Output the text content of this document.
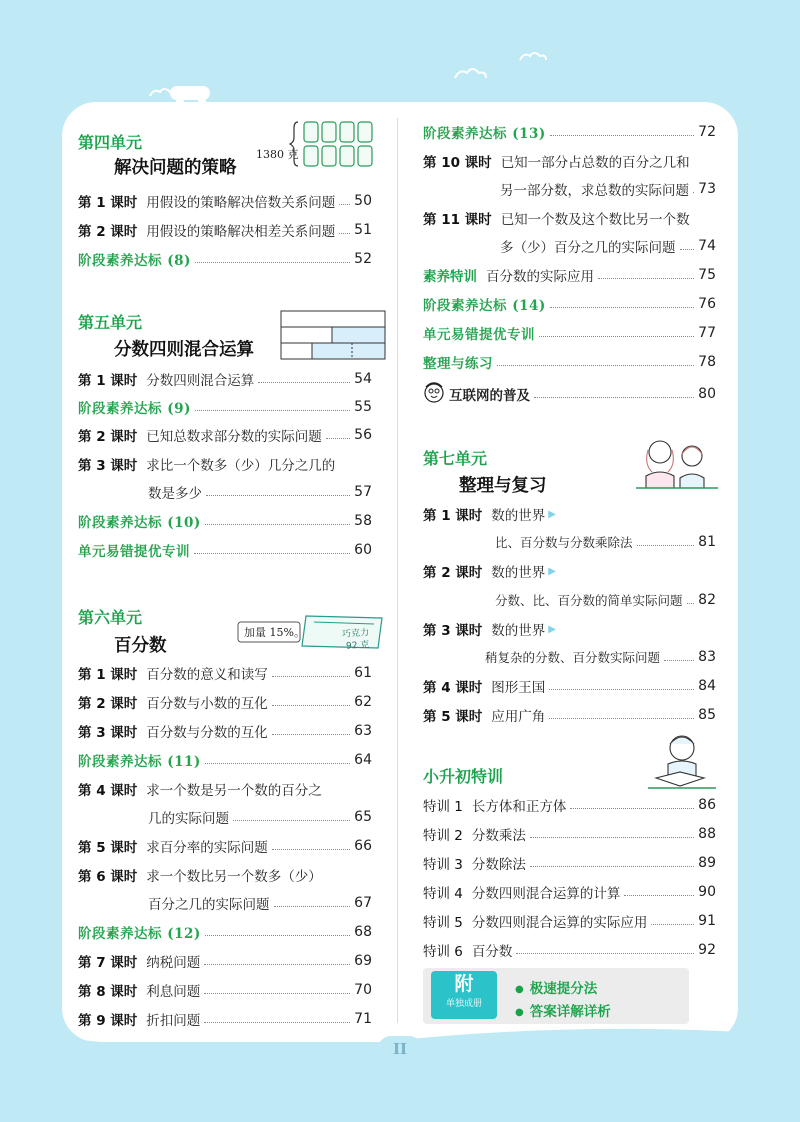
第四单元
解决问题的策略
第 1 课时 用假设的策略解决倍数关系问题 50
第 2 课时 用假设的策略解决相差关系问题 51
阶段素养达标 (8)	52
第五单元
分数四则混合运算
第 1 课时 分数四则混合运算	54
阶段素养达标 (9)	55
第 2 课时 已知总数求部分数的实际问题 56
第 3 课时 求比一个数多（少）几分之几的
数是多少	57
阶段素养达标 (10)	58
单元易错提优专训	60
第六单元
百分数
第 1 课时 百分数的意义和读写	61
第 2 课时 百分数与小数的互化	62
第 3 课时 百分数与分数的互化	63
阶段素养达标 (11)	64
第 4 课时 求一个数是另一个数的百分之
几的实际问题	65
第 5 课时 求百分率的实际问题	66
第 6 课时 求一个数比另一个数多（少）
百分之几的实际问题	67
阶段素养达标 (12)	68
第 7 课时 纳税问题	69
第 8 课时 利息问题	70
第 9 课时 折扣问题	71
1380 克
加量 15%。	巧克力
92 克
阶段素养达标 (13)	72
第 10 课时 已知一部分占总数的百分之几和
另一部分数，求总数的实际问题 73
第 11 课时 已知一个数及这个数比另一个数
多（少）百分之几的实际问题 74
素养特训 百分数的实际应用	75
阶段素养达标 (14)	76
单元易错提优专训	77
整理与练习	78
互联网的普及	80
第七单元
整理与复习
第 1 课时 数的世界 ▶
比、百分数与分数乘除法	81
第 2 课时 数的世界 ▶
分数、比、百分数的简单实际问题 82
第 3 课时 数的世界 ▶
稍复杂的分数、百分数实际问题	83
第 4 课时 图形王国	84
第 5 课时 应用广角	85
小升初特训
特训 1 长方体和正方体	86
特训 2 分数乘法	88
特训 3 分数除法	89
特训 4 分数四则混合运算的计算	90
特训 5 分数四则混合运算的实际应用	91
特训 6 百分数	92
附
单独成册
● 极速提分法
● 答案详解详析
II
